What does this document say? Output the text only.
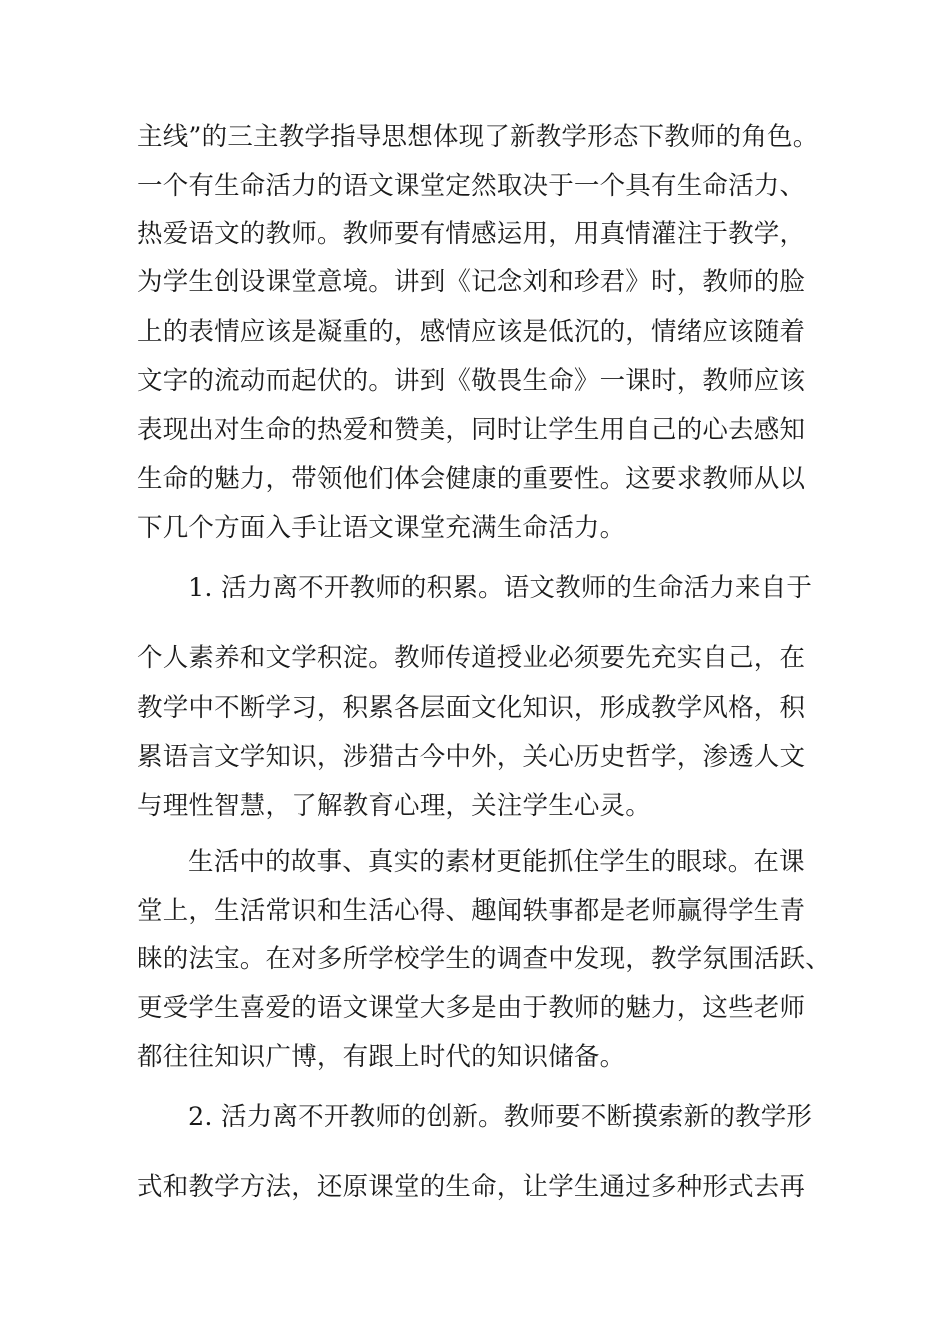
主线”的三主教学指导思想体现了新教学形态下教师的角色。
一个有生命活力的语文课堂定然取决于一个具有生命活力、
热爱语文的教师。教师要有情感运用，用真情灌注于教学，
为学生创设课堂意境。讲到《记念刘和珍君》时，教师的脸
上的表情应该是凝重的，感情应该是低沉的，情绪应该随着
文字的流动而起伏的。讲到《敬畏生命》一课时，教师应该
表现出对生命的热爱和赞美，同时让学生用自己的心去感知
生命的魅力，带领他们体会健康的重要性。这要求教师从以
下几个方面入手让语文课堂充满生命活力。
1. 活力离不开教师的积累。语文教师的生命活力来自于
个人素养和文学积淀。教师传道授业必须要先充实自己，在
教学中不断学习，积累各层面文化知识，形成教学风格，积
累语言文学知识，涉猎古今中外，关心历史哲学，渗透人文
与理性智慧，了解教育心理，关注学生心灵。
生活中的故事、真实的素材更能抓住学生的眼球。在课
堂上，生活常识和生活心得、趣闻轶事都是老师赢得学生青
睐的法宝。在对多所学校学生的调查中发现，教学氛围活跃、
更受学生喜爱的语文课堂大多是由于教师的魅力，这些老师
都往往知识广博，有跟上时代的知识储备。
2. 活力离不开教师的创新。教师要不断摸索新的教学形
式和教学方法，还原课堂的生命，让学生通过多种形式去再
